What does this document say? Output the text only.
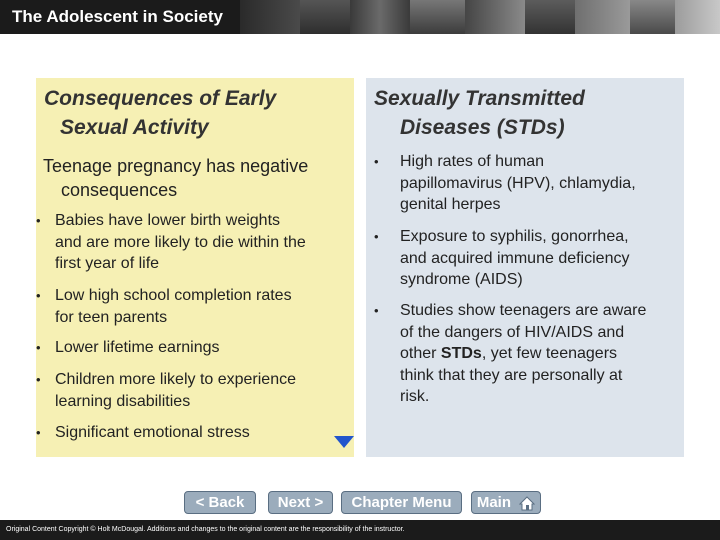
The Adolescent in Society
Consequences of Early
Sexual Activity
Teenage pregnancy has negative
consequences
• Babies have lower birth weights
and are more likely to die within the
first year of life
• Low high school completion rates
for teen parents
• Lower lifetime earnings
• Children more likely to experience
learning disabilities
• Significant emotional stress
Sexually Transmitted
Diseases (STDs)
•	High rates of human
papillomavirus (HPV), chlamydia,
genital herpes
•	Exposure to syphilis, gonorrhea,
and acquired immune deficiency
syndrome (AIDS)
•	Studies show teenagers are aware
of the dangers of HIV/AIDS and
other STDs, yet few teenagers
think that they are personally at
risk.
< Back	Next >	Chapter Menu	Main
Original Content Copyright © Holt McDougal. Additions and changes to the original content are the responsibility of the instructor.
